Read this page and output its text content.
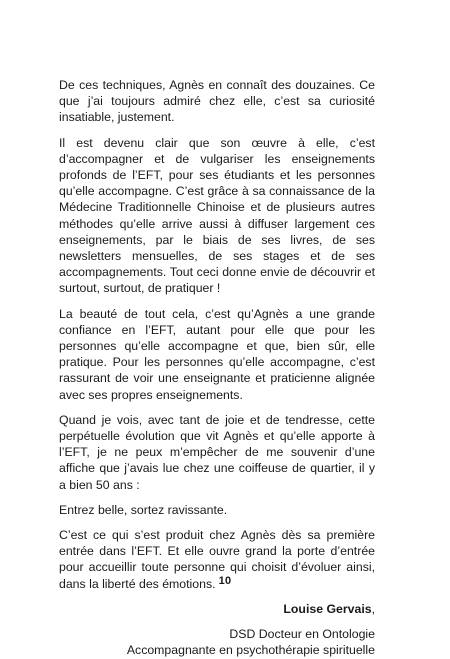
De ces techniques, Agnès en connaît des douzaines. Ce que j’ai toujours admiré chez elle, c’est sa curiosité insatiable, justement.

Il est devenu clair que son œuvre à elle, c’est d’accompagner et de vulgariser les enseignements profonds de l’EFT, pour ses étudiants et les personnes qu’elle accompagne. C’est grâce à sa connaissance de la Médecine Traditionnelle Chinoise et de plusieurs autres méthodes qu’elle arrive aussi à diffuser largement ces enseignements, par le biais de ses livres, de ses newsletters mensuelles, de ses stages et de ses accompagnements. Tout ceci donne envie de découvrir et surtout, surtout, de pratiquer !

La beauté de tout cela, c’est qu’Agnès a une grande confiance en l’EFT, autant pour elle que pour les personnes qu’elle accompagne et que, bien sûr, elle pratique. Pour les personnes qu’elle accompagne, c’est rassurant de voir une enseignante et praticienne alignée avec ses propres enseignements.

Quand je vois, avec tant de joie et de tendresse, cette perpétuelle évolution que vit Agnès et qu’elle apporte à l’EFT, je ne peux m’empêcher de me souvenir d’une affiche que j’avais lue chez une coiffeuse de quartier, il y a bien 50 ans :

Entrez belle, sortez ravissante.

C’est ce qui s’est produit chez Agnès dès sa première entrée dans l’EFT. Et elle ouvre grand la porte d’entrée pour accueillir toute personne qui choisit d’évoluer ainsi, dans la liberté des émotions.

Louise Gervais,
DSD Docteur en Ontologie
Accompagnante en psychothérapie spirituelle
10
